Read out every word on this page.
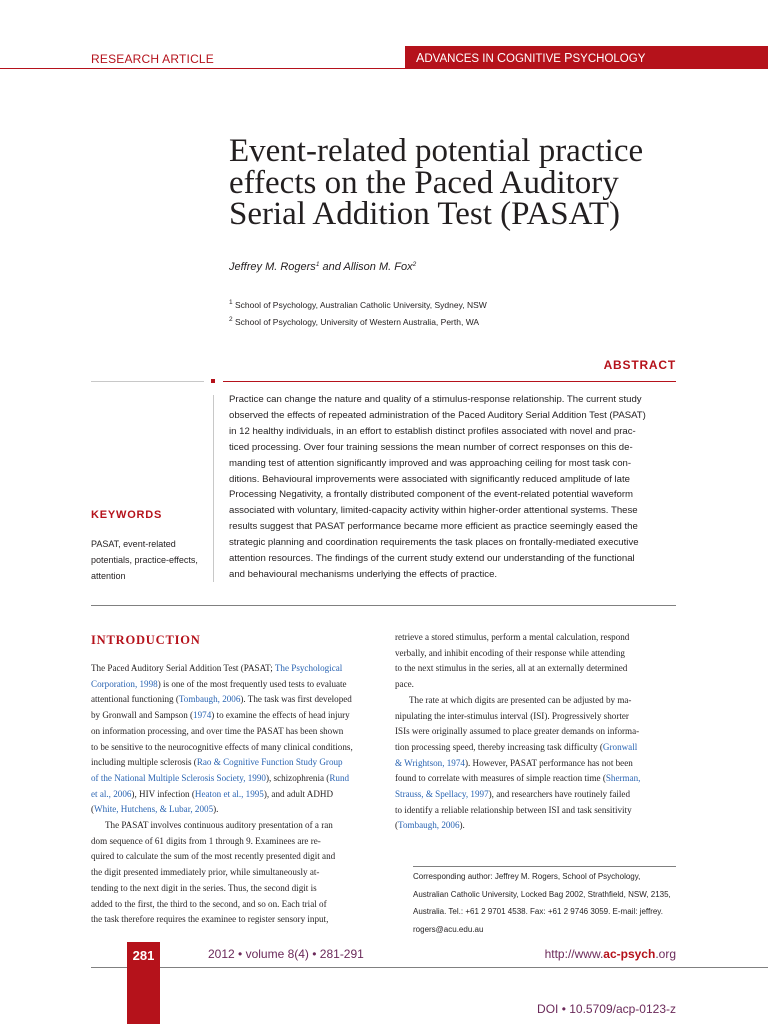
RESEARCH ARTICLE	ADVANCES IN COGNITIVE PSYCHOLOGY
Event-related potential practice
effects on the Paced Auditory
Serial Addition Test (PASAT)
Jeffrey M. Rogers$^1$ and Allison M. Fox$^2$
$^1$ School of Psychology, Australian Catholic University, Sydney, NSW
$^2$ School of Psychology, University of Western Australia, Perth, WA
ABSTRACT
Practice can change the nature and quality of a stimulus-response relationship. The current study
observed the effects of repeated administration of the Paced Auditory Serial Addition Test (PASAT)
in 12 healthy individuals, in an effort to establish distinct profiles associated with novel and prac-
ticed processing. Over four training sessions the mean number of correct responses on this de-
manding test of attention significantly improved and was approaching ceiling for most task con-
ditions. Behavioural improvements were associated with significantly reduced amplitude of late
Processing Negativity, a frontally distributed component of the event-related potential waveform
associated with voluntary, limited-capacity activity within higher-order attentional systems. These
results suggest that PASAT performance became more efficient as practice seemingly eased the
strategic planning and coordination requirements the task places on frontally-mediated executive
attention resources. The findings of the current study extend our understanding of the functional
and behavioural mechanisms underlying the effects of practice.
KEYWORDS
PASAT, event-related
potentials, practice-effects,
attention
INTRODUCTION
The Paced Auditory Serial Addition Test (PASAT; The Psychological
Corporation, 1998) is one of the most frequently used tests to evaluate
attentional functioning (Tombaugh, 2006). The task was first developed
by Gronwall and Sampson (1974) to examine the effects of head injury
on information processing, and over time the PASAT has been shown
to be sensitive to the neurocognitive effects of many clinical conditions,
including multiple sclerosis (Rao & Cognitive Function Study Group
of the National Multiple Sclerosis Society, 1990), schizophrenia (Rund
et al., 2006), HIV infection (Heaton et al., 1995), and adult ADHD
(White, Hutchens, & Lubar, 2005).
The PASAT involves continuous auditory presentation of a ran
dom sequence of 61 digits from 1 through 9. Examinees are re-
quired to calculate the sum of the most recently presented digit and
the digit presented immediately prior, while simultaneously at-
tending to the next digit in the series. Thus, the second digit is
added to the first, the third to the second, and so on. Each trial of
the task therefore requires the examinee to register sensory input,
retrieve a stored stimulus, perform a mental calculation, respond
verbally, and inhibit encoding of their response while attending
to the next stimulus in the series, all at an externally determined
pace.
The rate at which digits are presented can be adjusted by ma-
nipulating the inter-stimulus interval (ISI). Progressively shorter
ISIs were originally assumed to place greater demands on informa-
tion processing speed, thereby increasing task difficulty (Gronwall
& Wrightson, 1974). However, PASAT performance has not been
found to correlate with measures of simple reaction time (Sherman,
Strauss, & Spellacy, 1997), and researchers have routinely failed
to identify a reliable relationship between ISI and task sensitivity
(Tombaugh, 2006).
Corresponding author: Jeffrey M. Rogers, School of Psychology,
Australian Catholic University, Locked Bag 2002, Strathfield, NSW, 2135,
Australia. Tel.: +61 2 9701 4538. Fax: +61 2 9746 3059. E-mail: jeffrey.
rogers@acu.edu.au
281	2012 • volume 8(4) • 281-291	http://www.ac-psych.org
DOI • 10.5709/acp-0123-z
